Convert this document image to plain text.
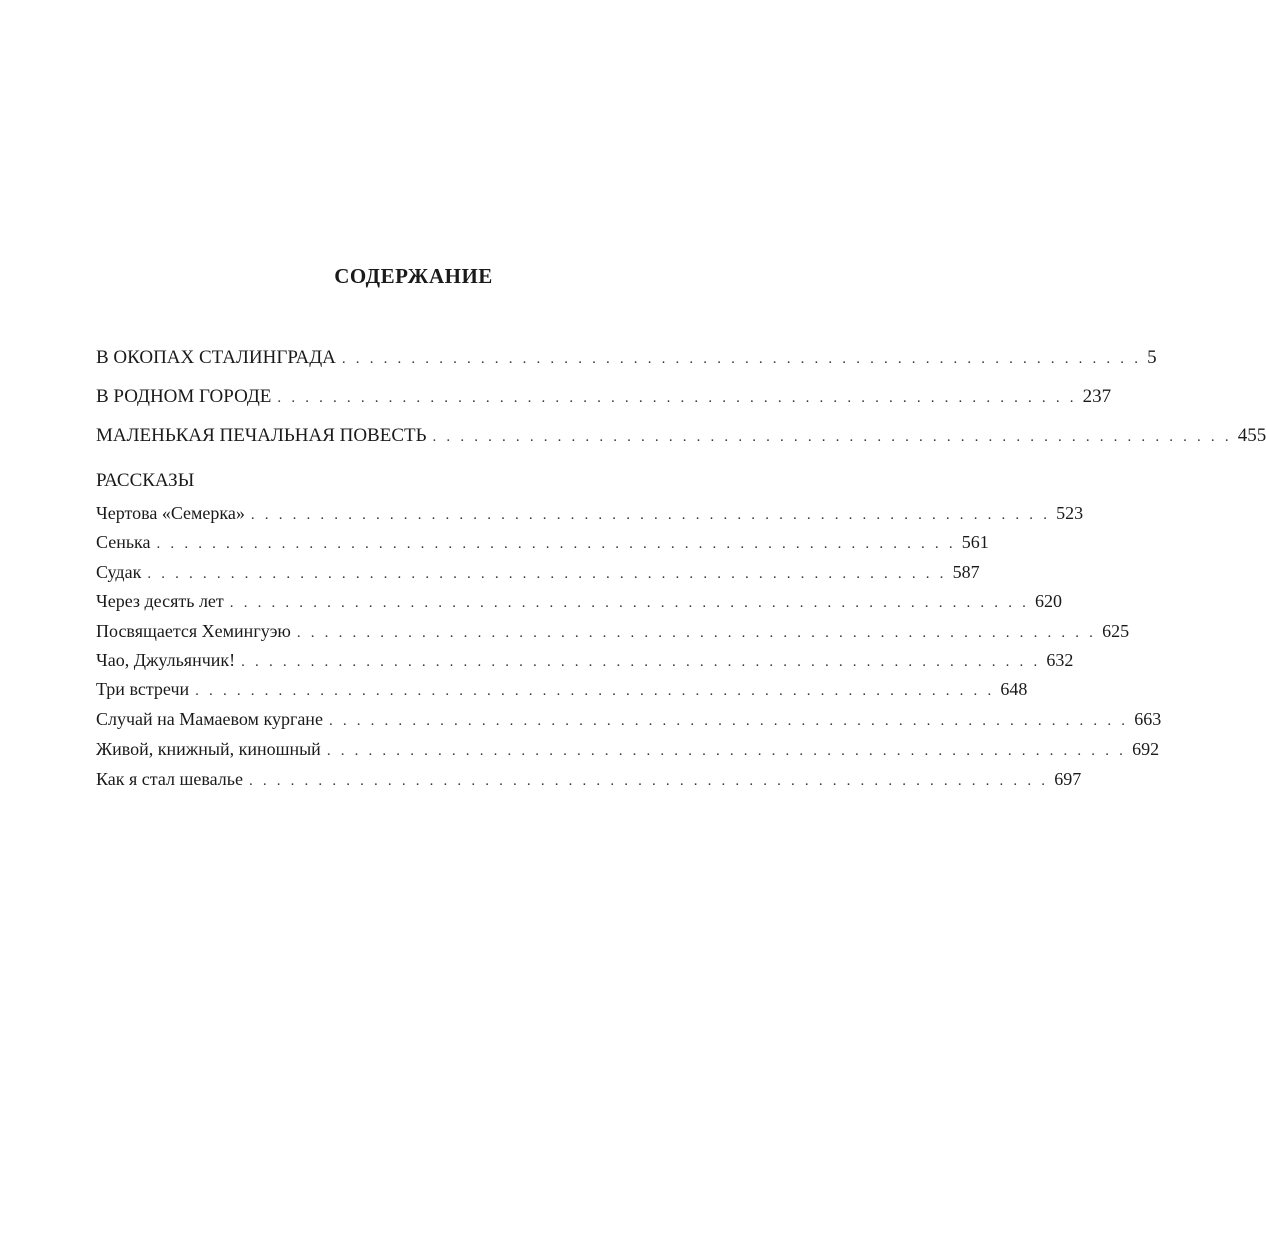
СОДЕРЖАНИЕ
В ОКОПАХ СТАЛИНГРАДА . . . . . . . . . . . . . . . . . . . . . . . . . . . . . . . . . . . . . . . . . . . . . . . . . . . . . . . . . . 5
В РОДНОМ ГОРОДЕ . . . . . . . . . . . . . . . . . . . . . . . . . . . . . . . . . . . . . . . . . . . . . . . . . . . . . . . . . . 237
МАЛЕНЬКАЯ ПЕЧАЛЬНАЯ ПОВЕСТЬ . . . . . . . . . . . . . . . . . . . . . . . . . . . . . . . . . . . . . . . . . . . . . . . . . . . . . . . . . . 455
РАССКАЗЫ
Чертова «Семерка» . . . . . . . . . . . . . . . . . . . . . . . . . . . . . . . . . . . . . . . . . . . . . . . . . . . . . . . . . . 523
Сенька . . . . . . . . . . . . . . . . . . . . . . . . . . . . . . . . . . . . . . . . . . . . . . . . . . . . . . . . . . 561
Судак . . . . . . . . . . . . . . . . . . . . . . . . . . . . . . . . . . . . . . . . . . . . . . . . . . . . . . . . . . 587
Через десять лет . . . . . . . . . . . . . . . . . . . . . . . . . . . . . . . . . . . . . . . . . . . . . . . . . . . . . . . . . . 620
Посвящается Хемингуэю . . . . . . . . . . . . . . . . . . . . . . . . . . . . . . . . . . . . . . . . . . . . . . . . . . . . . . . . . . 625
Чао, Джульянчик! . . . . . . . . . . . . . . . . . . . . . . . . . . . . . . . . . . . . . . . . . . . . . . . . . . . . . . . . . . 632
Три встречи . . . . . . . . . . . . . . . . . . . . . . . . . . . . . . . . . . . . . . . . . . . . . . . . . . . . . . . . . . 648
Случай на Мамаевом кургане . . . . . . . . . . . . . . . . . . . . . . . . . . . . . . . . . . . . . . . . . . . . . . . . . . . . . . . . . . 663
Живой, книжный, киношный . . . . . . . . . . . . . . . . . . . . . . . . . . . . . . . . . . . . . . . . . . . . . . . . . . . . . . . . . . 692
Как я стал шевалье . . . . . . . . . . . . . . . . . . . . . . . . . . . . . . . . . . . . . . . . . . . . . . . . . . . . . . . . . . 697
